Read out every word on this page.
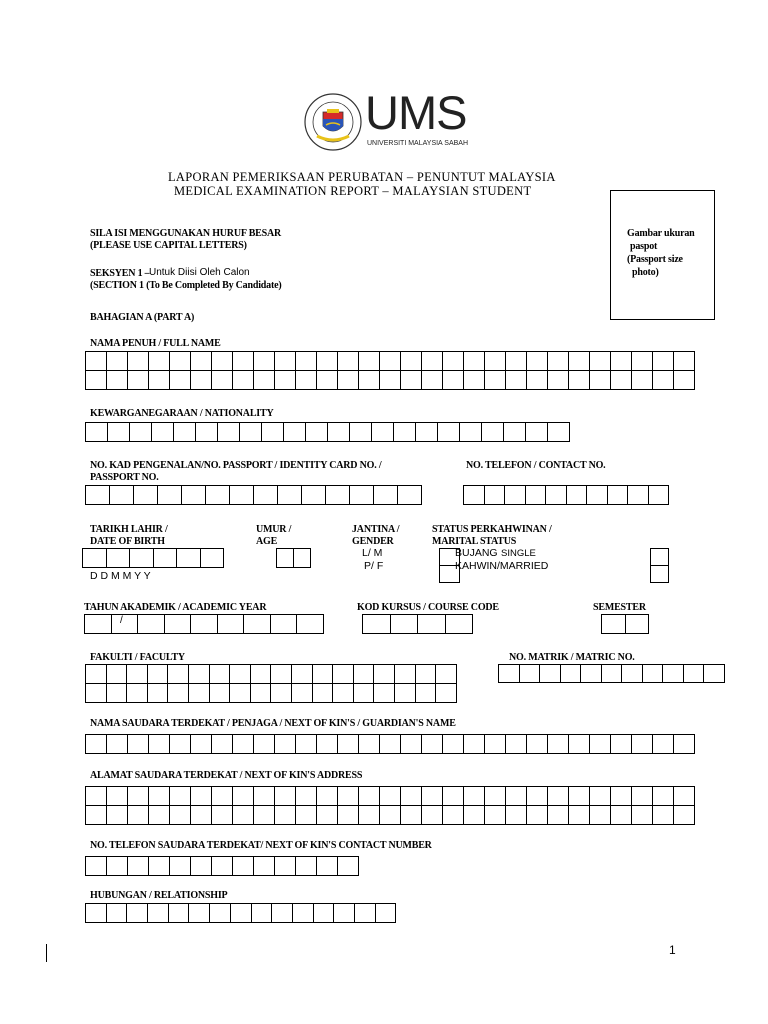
UMS
UNIVERSITI MALAYSIA SABAH
LAPORAN PEMERIKSAAN PERUBATAN – PENUNTUT MALAYSIA
MEDICAL EXAMINATION REPORT – MALAYSIAN STUDENT
Gambar ukuran
paspot
(Passport size
photo)
SILA ISI MENGGUNAKAN HURUF BESAR
(PLEASE USE CAPITAL LETTERS)
SEKSYEN 1 – Untuk Diisi Oleh Calon
(SECTION 1 (To Be Completed By Candidate)
BAHAGIAN A (PART A)
NAMA PENUH / FULL NAME
KEWARGANEGARAAN / NATIONALITY
NO. KAD PENGENALAN/NO. PASSPORT / IDENTITY CARD NO. /
PASSPORT NO.
NO. TELEFON / CONTACT NO.
TARIKH LAHIR /
DATE OF BIRTH
D D M M Y Y
UMUR /
AGE
JANTINA /
GENDER
L/ M
P/ F
STATUS PERKAHWINAN /
MARITAL STATUS
BUJANG SINGLE
KAHWIN/MARRIED
TAHUN AKADEMIK / ACADEMIC YEAR
/
KOD KURSUS / COURSE CODE	SEMESTER
FAKULTI / FACULTY	NO. MATRIK / MATRIC NO.
NAMA SAUDARA TERDEKAT / PENJAGA / NEXT OF KIN'S / GUARDIAN'S NAME
ALAMAT SAUDARA TERDEKAT / NEXT OF KIN'S ADDRESS
NO. TELEFON SAUDARA TERDEKAT/ NEXT OF KIN'S CONTACT NUMBER
HUBUNGAN / RELATIONSHIP
1
